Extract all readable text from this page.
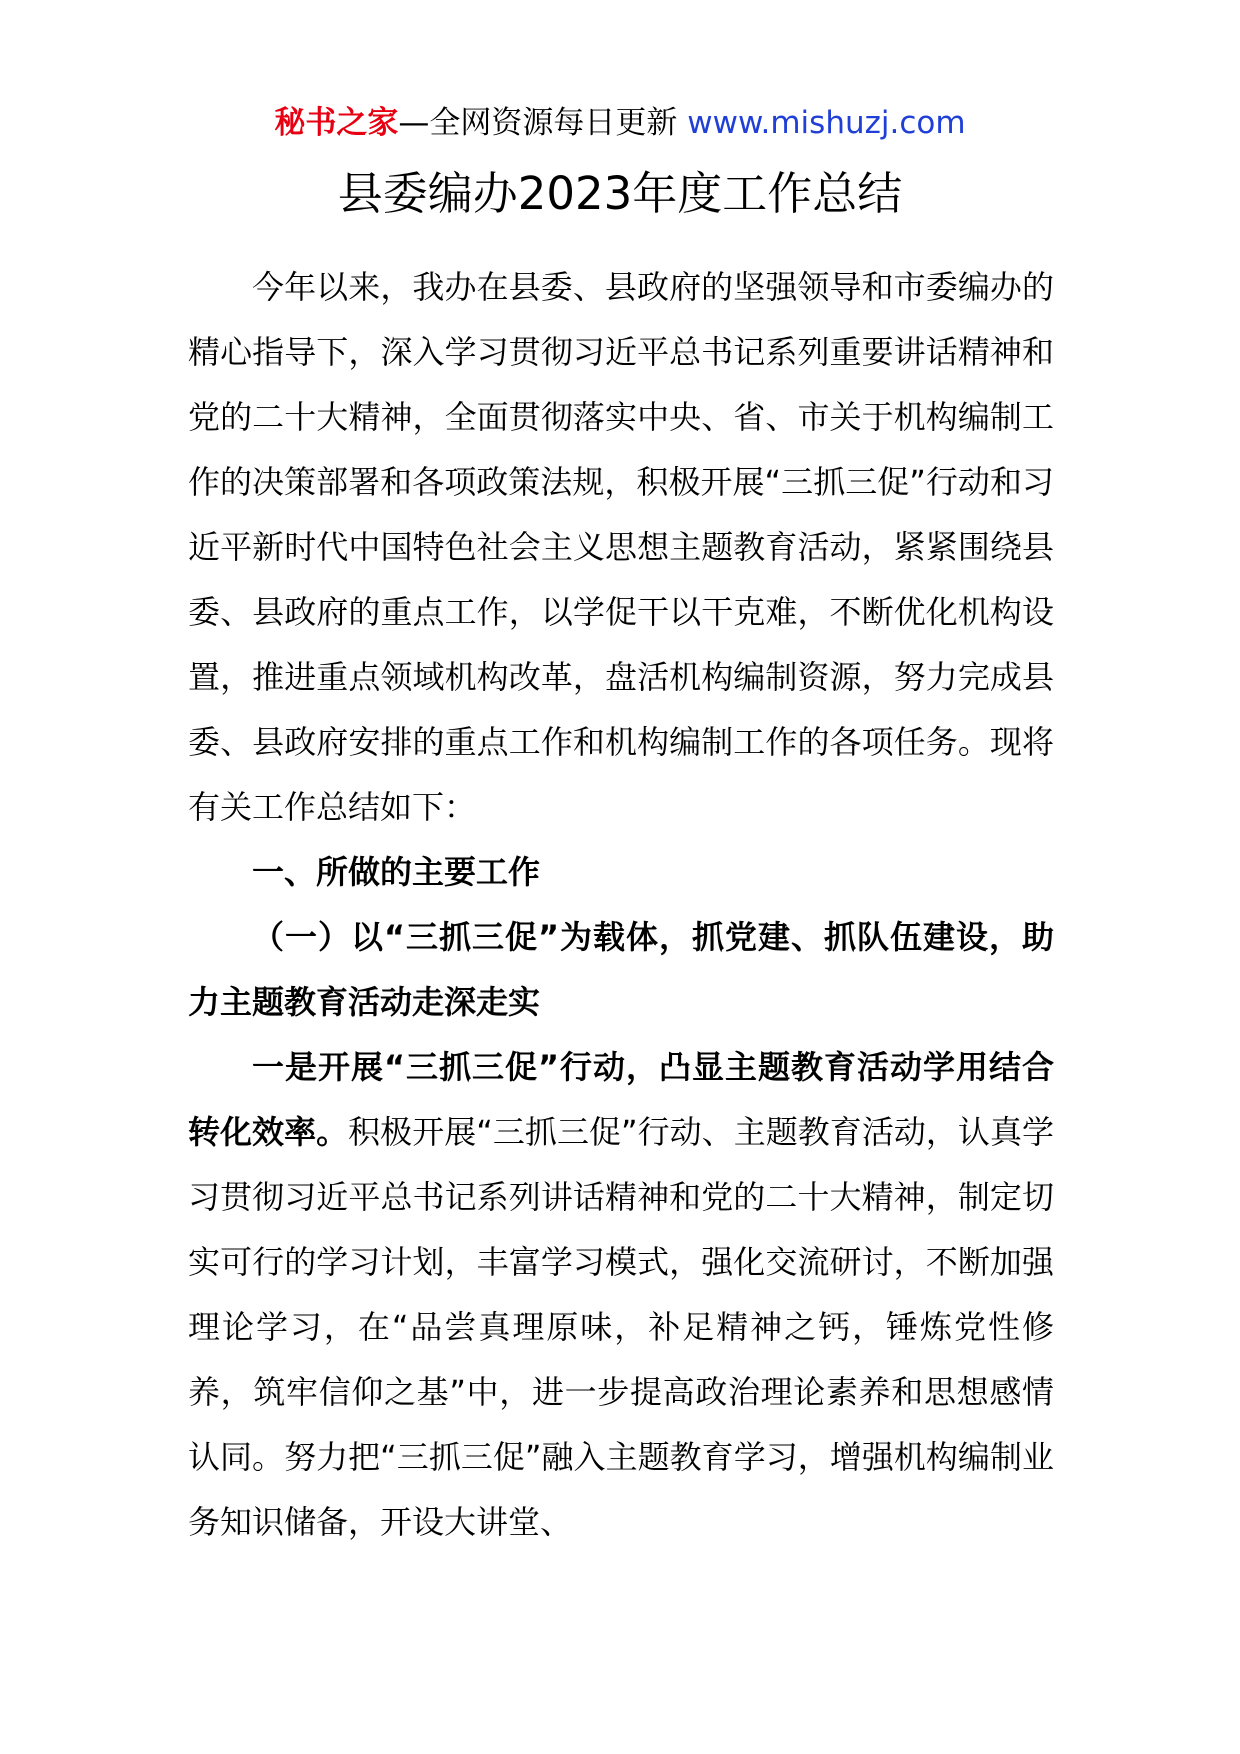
秘书之家—全网资源每日更新 www.mishuzj.com
县委编办2023年度工作总结

今年以来，我办在县委、县政府的坚强领导和市委编办的精心指导下，深入学习贯彻习近平总书记系列重要讲话精神和党的二十大精神，全面贯彻落实中央、省、市关于机构编制工作的决策部署和各项政策法规，积极开展“三抓三促”行动和习近平新时代中国特色社会主义思想主题教育活动，紧紧围绕县委、县政府的重点工作，以学促干以干克难，不断优化机构设置，推进重点领域机构改革，盘活机构编制资源，努力完成县委、县政府安排的重点工作和机构编制工作的各项任务。现将有关工作总结如下：

一、所做的主要工作

（一）以“三抓三促”为载体，抓党建、抓队伍建设，助力主题教育活动走深走实

一是开展“三抓三促”行动，凸显主题教育活动学用结合转化效率。积极开展“三抓三促”行动、主题教育活动，认真学习贯彻习近平总书记系列讲话精神和党的二十大精神，制定切实可行的学习计划，丰富学习模式，强化交流研讨，不断加强理论学习，在“品尝真理原味，补足精神之钙，锤炼党性修养，筑牢信仰之基”中，进一步提高政治理论素养和思想感情认同。努力把“三抓三促”融入主题教育学习，增强机构编制业务知识储备，开设大讲堂、
